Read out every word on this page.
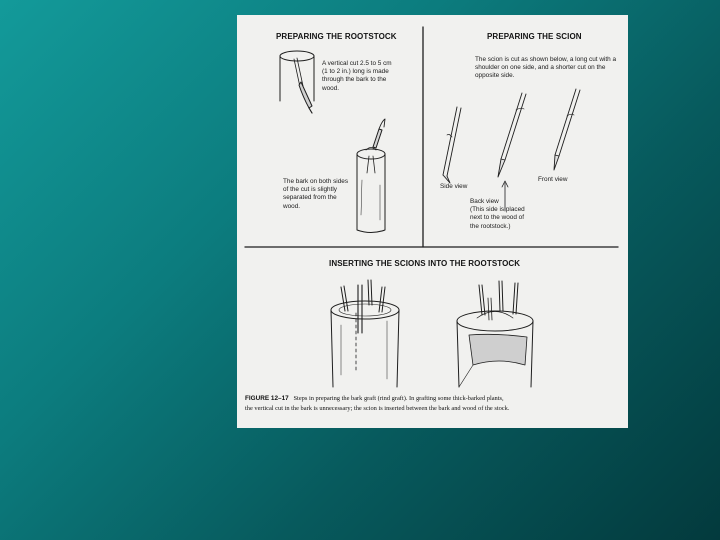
PREPARING THE ROOTSTOCK	PREPARING THE SCION
INSERTING THE SCIONS INTO THE ROOTSTOCK
A vertical cut 2.5 to 5 cm
(1 to 2 in.) long is made
through the bark to the
wood.
The bark on both sides
of the cut is slightly
separated from the
wood.
The scion is cut as shown below, a long cut with a
shoulder on one side, and a shorter cut on the
opposite side.
Side view
Front view
Back view
(This side is placed
next to the wood of
the rootstock.)
FIGURE 12–17 Steps in preparing the bark graft (rind graft). In grafting some thick-barked plants,
the vertical cut in the bark is unnecessary; the scion is inserted between the bark and wood of the stock.
